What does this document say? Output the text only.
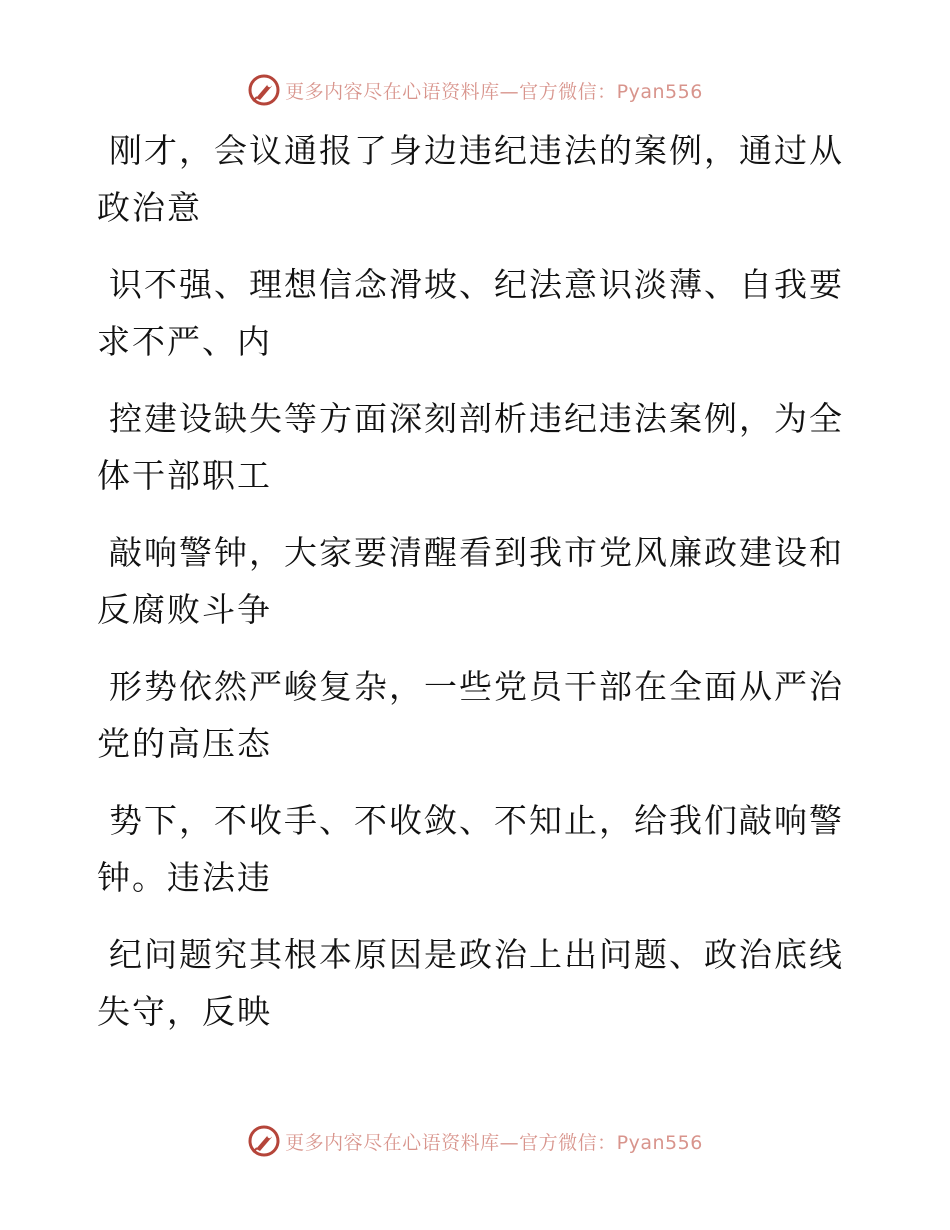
更多内容尽在心语资料库—官方微信：Pyan556

刚才，会议通报了身边违纪违法的案例，通过从
政治意

识不强、理想信念滑坡、纪法意识淡薄、自我要
求不严、内

控建设缺失等方面深刻剖析违纪违法案例，为全
体干部职工

敲响警钟，大家要清醒看到我市党风廉政建设和
反腐败斗争

形势依然严峻复杂，一些党员干部在全面从严治
党的高压态

势下，不收手、不收敛、不知止，给我们敲响警
钟。违法违

纪问题究其根本原因是政治上出问题、政治底线
失守，反映

更多内容尽在心语资料库—官方微信：Pyan556
